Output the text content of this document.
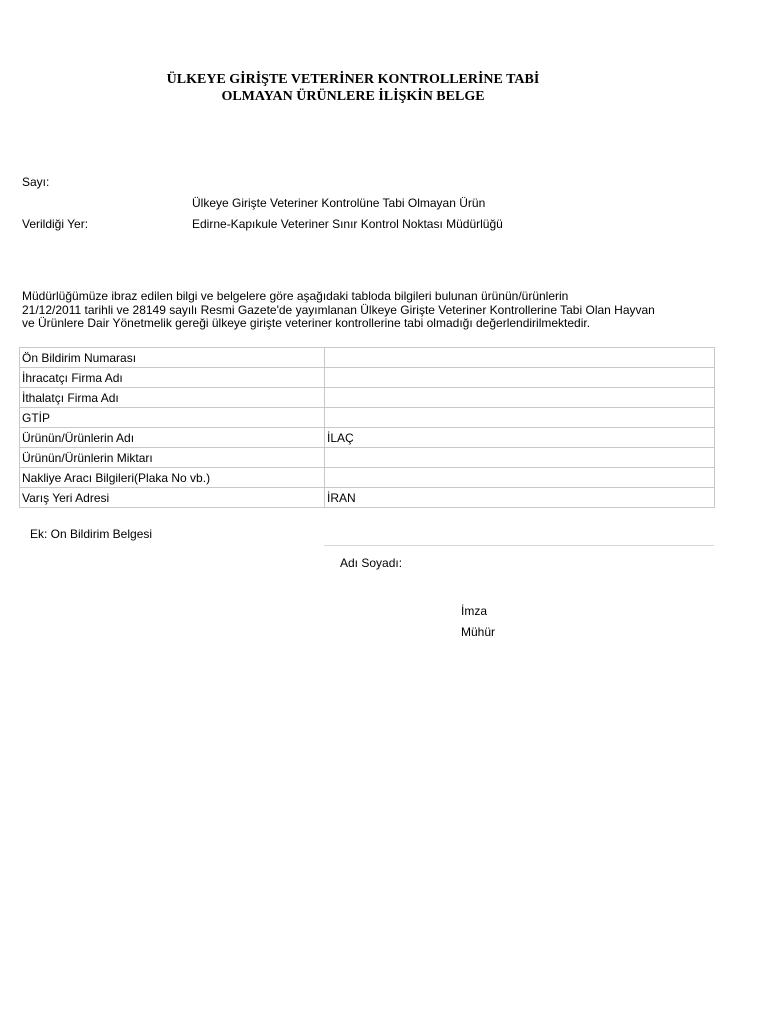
ÜLKEYE GİRİŞTE VETERİNER KONTROLLERİNE TABİ
OLMAYAN ÜRÜNLERE İLİŞKİN BELGE
Sayı:
Ülkeye Girişte Veteriner Kontrolüne Tabi Olmayan Ürün
Verildiği Yer:	Edirne-Kapıkule Veteriner Sınır Kontrol Noktası Müdürlüğü
Müdürlüğümüze ibraz edilen bilgi ve belgelere göre aşağıdaki tabloda bilgileri bulunan ürünün/ürünlerin
21/12/2011 tarihli ve 28149 sayılı Resmi Gazete'de yayımlanan Ülkeye Girişte Veteriner Kontrollerine Tabi Olan Hayvan
ve Ürünlere Dair Yönetmelik gereği ülkeye girişte veteriner kontrollerine tabi olmadığı değerlendirilmektedir.
Ön Bildirim Numarası	
İhracatçı Firma Adı	
İthalatçı Firma Adı	
GTİP	
Ürünün/Ürünlerin Adı	İLAÇ
Ürünün/Ürünlerin Miktarı	
Nakliye Aracı Bilgileri(Plaka No vb.)	
Varış Yeri Adresi	İRAN
Ek: On Bildirim Belgesi
Adı Soyadı:
İmza
Mühür
